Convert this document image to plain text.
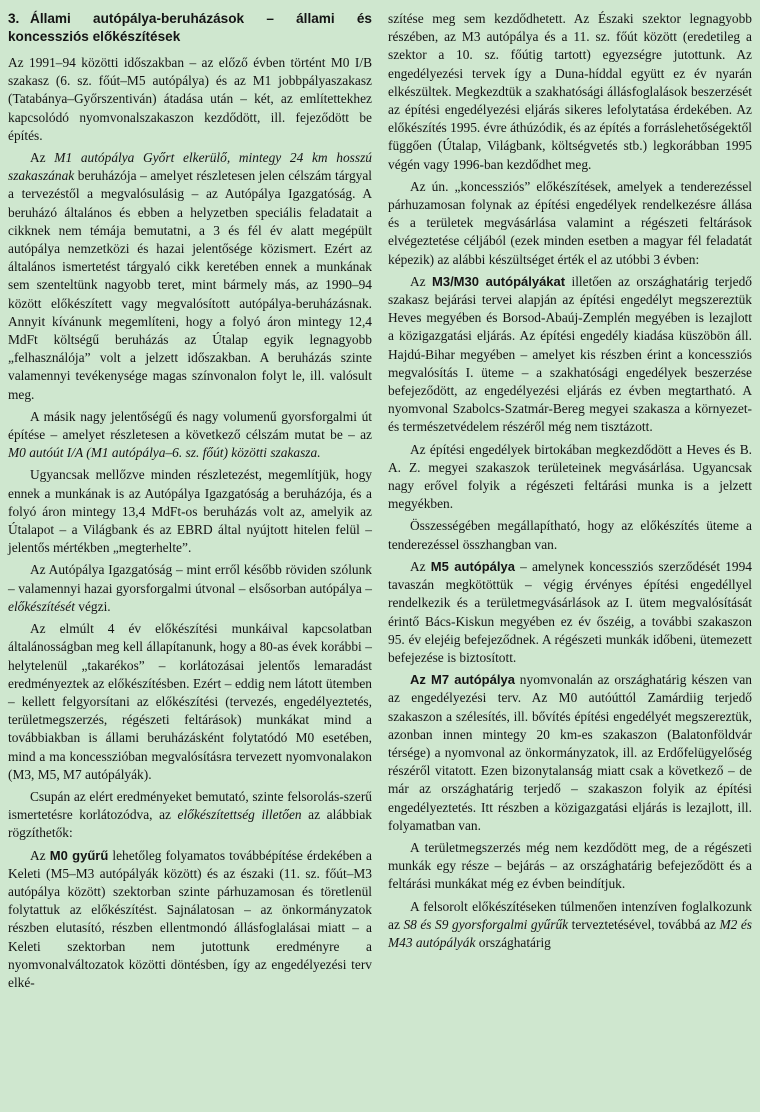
3. Állami autópálya-beruházások – állami és koncessziós előkészítések

Az 1991–94 közötti időszakban – az előző évben történt M0 I/B szakasz (6. sz. főút–M5 autópálya) és az M1 jobbpályaszakasz (Tatabánya–Győrszentiván) átadása után – két, az említettekhez kapcsolódó nyomvonalszakaszon kezdődött, ill. fejeződött be építés.

Az M1 autópálya Győrt elkerülő, mintegy 24 km hosszú szakaszának beruházója – amelyet részletesen jelen célszám tárgyal a tervezéstől a megvalósulásig – az Autópálya Igazgatóság. A beruházó általános és ebben a helyzetben speciális feladatait a cikknek nem témája bemutatni, a 3 és fél év alatt megépült autópálya nemzetközi és hazai jelentősége közismert. Ezért az általános ismertetést tárgyaló cikk keretében ennek a munkának sem szenteltünk nagyobb teret, mint bármely más, az 1990–94 között előkészített vagy megvalósított autópálya-beruházásnak. Annyit kívánunk megemlíteni, hogy a folyó áron mintegy 12,4 MdFt költségű beruházás az Útalap egyik legnagyobb „felhasználója” volt a jelzett időszakban. A beruházás szinte valamennyi tevékenysége magas színvonalon folyt le, ill. valósult meg.

A másik nagy jelentőségű és nagy volumenű gyorsforgalmi út építése – amelyet részletesen a következő célszám mutat be – az M0 autóút I/A (M1 autópálya–6. sz. főút) közötti szakasza.

Ugyancsak mellőzve minden részletezést, megemlítjük, hogy ennek a munkának is az Autópálya Igazgatóság a beruházója, és a folyó áron mintegy 13,4 MdFt-os beruházás volt az, amelyik az Útalapot – a Világbank és az EBRD által nyújtott hitelen felül – jelentős mértékben „megterhelte”.

Az Autópálya Igazgatóság – mint erről később röviden szólunk – valamennyi hazai gyorsforgalmi útvonal – elsősorban autópálya – előkészítését végzi.

Az elmúlt 4 év előkészítési munkáival kapcsolatban általánosságban meg kell állapítanunk, hogy a 80-as évek korábbi – helytelenül „takarékos” – korlátozásai jelentős lemaradást eredményeztek az előkészítésben. Ezért – eddig nem látott ütemben – kellett felgyorsítani az előkészítési (tervezés, engedélyeztetés, területmegszerzés, régészeti feltárások) munkákat mind a továbbiakban is állami beruházásként folytatódó M0 esetében, mind a ma koncesszióban megvalósításra tervezett nyomvonalakon (M3, M5, M7 autópályák).

Csupán az elért eredményeket bemutató, szinte felsorolás-szerű ismertetésre korlátozódva, az előkészítettség illetően az alábbiak rögzíthetők:

Az M0 gyűrű lehetőleg folyamatos továbbépítése érdekében a Keleti (M5–M3 autópályák között) és az északi (11. sz. főút–M3 autópálya között) szektorban szinte párhuzamosan és töretlenül folytattuk az előkészítést. Sajnálatosan – az önkormányzatok részben elutasító, részben ellentmondó állásfoglalásai miatt – a Keleti szektorban nem jutottunk eredményre a nyomvonalváltozatok közötti döntésben, így az engedélyezési terv elké-

szítése meg sem kezdődhetett. Az Északi szektor legnagyobb részében, az M3 autópálya és a 11. sz. főút között (eredetileg a szektor a 10. sz. főútig tartott) egyezségre jutottunk. Az engedélyezési tervek így a Duna-híddal együtt ez év nyarán elkészültek. Megkezdtük a szakhatósági állásfoglalások beszerzését az építési engedélyezési eljárás sikeres lefolytatása érdekében. Az előkészítés 1995. évre áthúzódik, és az építés a forráslehetőségektől függően (Útalap, Világbank, költségvetés stb.) legkorábban 1995 végén vagy 1996-ban kezdődhet meg.

Az ún. „koncessziós” előkészítések, amelyek a tenderezéssel párhuzamosan folynak az építési engedélyek rendelkezésre állása és a területek megvásárlása valamint a régészeti feltárások elvégeztetése céljából (ezek minden esetben a magyar fél feladatát képezik) az alábbi készültséget érték el az utóbbi 3 évben:

Az M3/M30 autópályákat illetően az országhatárig terjedő szakasz bejárási tervei alapján az építési engedélyt megszereztük Heves megyében és Borsod-Abaúj-Zemplén megyében is lezajlott a közigazgatási eljárás. Az építési engedély kiadása küszöbön áll. Hajdú-Bihar megyében – amelyet kis részben érint a koncessziós megvalósítás I. üteme – a szakhatósági engedélyek beszerzése befejeződött, az engedélyezési eljárás ez évben megtartható. A nyomvonal Szabolcs-Szatmár-Bereg megyei szakasza a környezet- és természetvédelem részéről még nem tisztázott.

Az építési engedélyek birtokában megkezdődött a Heves és B. A. Z. megyei szakaszok területeinek megvásárlása. Ugyancsak nagy erővel folyik a régészeti feltárási munka is a jelzett megyékben.

Összességében megállapítható, hogy az előkészítés üteme a tenderezéssel összhangban van.

Az M5 autópálya – amelynek koncessziós szerződését 1994 tavaszán megkötöttük – végig érvényes építési engedéllyel rendelkezik és a területmegvásárlások az I. ütem megvalósítását érintő Bács-Kiskun megyében ez év őszéig, a további szakaszon 95. év elejéig befejeződnek. A régészeti munkák időbeni, ütemezett befejezése is biztosított.

Az M7 autópálya nyomvonalán az országhatárig készen van az engedélyezési terv. Az M0 autóúttól Zamárdiig terjedő szakaszon a szélesítés, ill. bővítés építési engedélyét megszereztük, azonban innen mintegy 20 km-es szakaszon (Balatonföldvár térsége) a nyomvonal az önkormányzatok, ill. az Erdőfelügyelőség részéről vitatott. Ezen bizonytalanság miatt csak a következő – de már az országhatárig terjedő – szakaszon folyik az építési engedélyeztetés. Itt részben a közigazgatási eljárás is lezajlott, ill. folyamatban van.

A területmegszerzés még nem kezdődött meg, de a régészeti munkák egy része – bejárás – az országhatárig befejeződött és a feltárási munkákat még ez évben beindítjuk.

A felsorolt előkészítéseken túlmenően intenzíven foglalkozunk az S8 és S9 gyorsforgalmi gyűrűk terveztetésével, továbbá az M2 és M43 autópályák országhatárig
